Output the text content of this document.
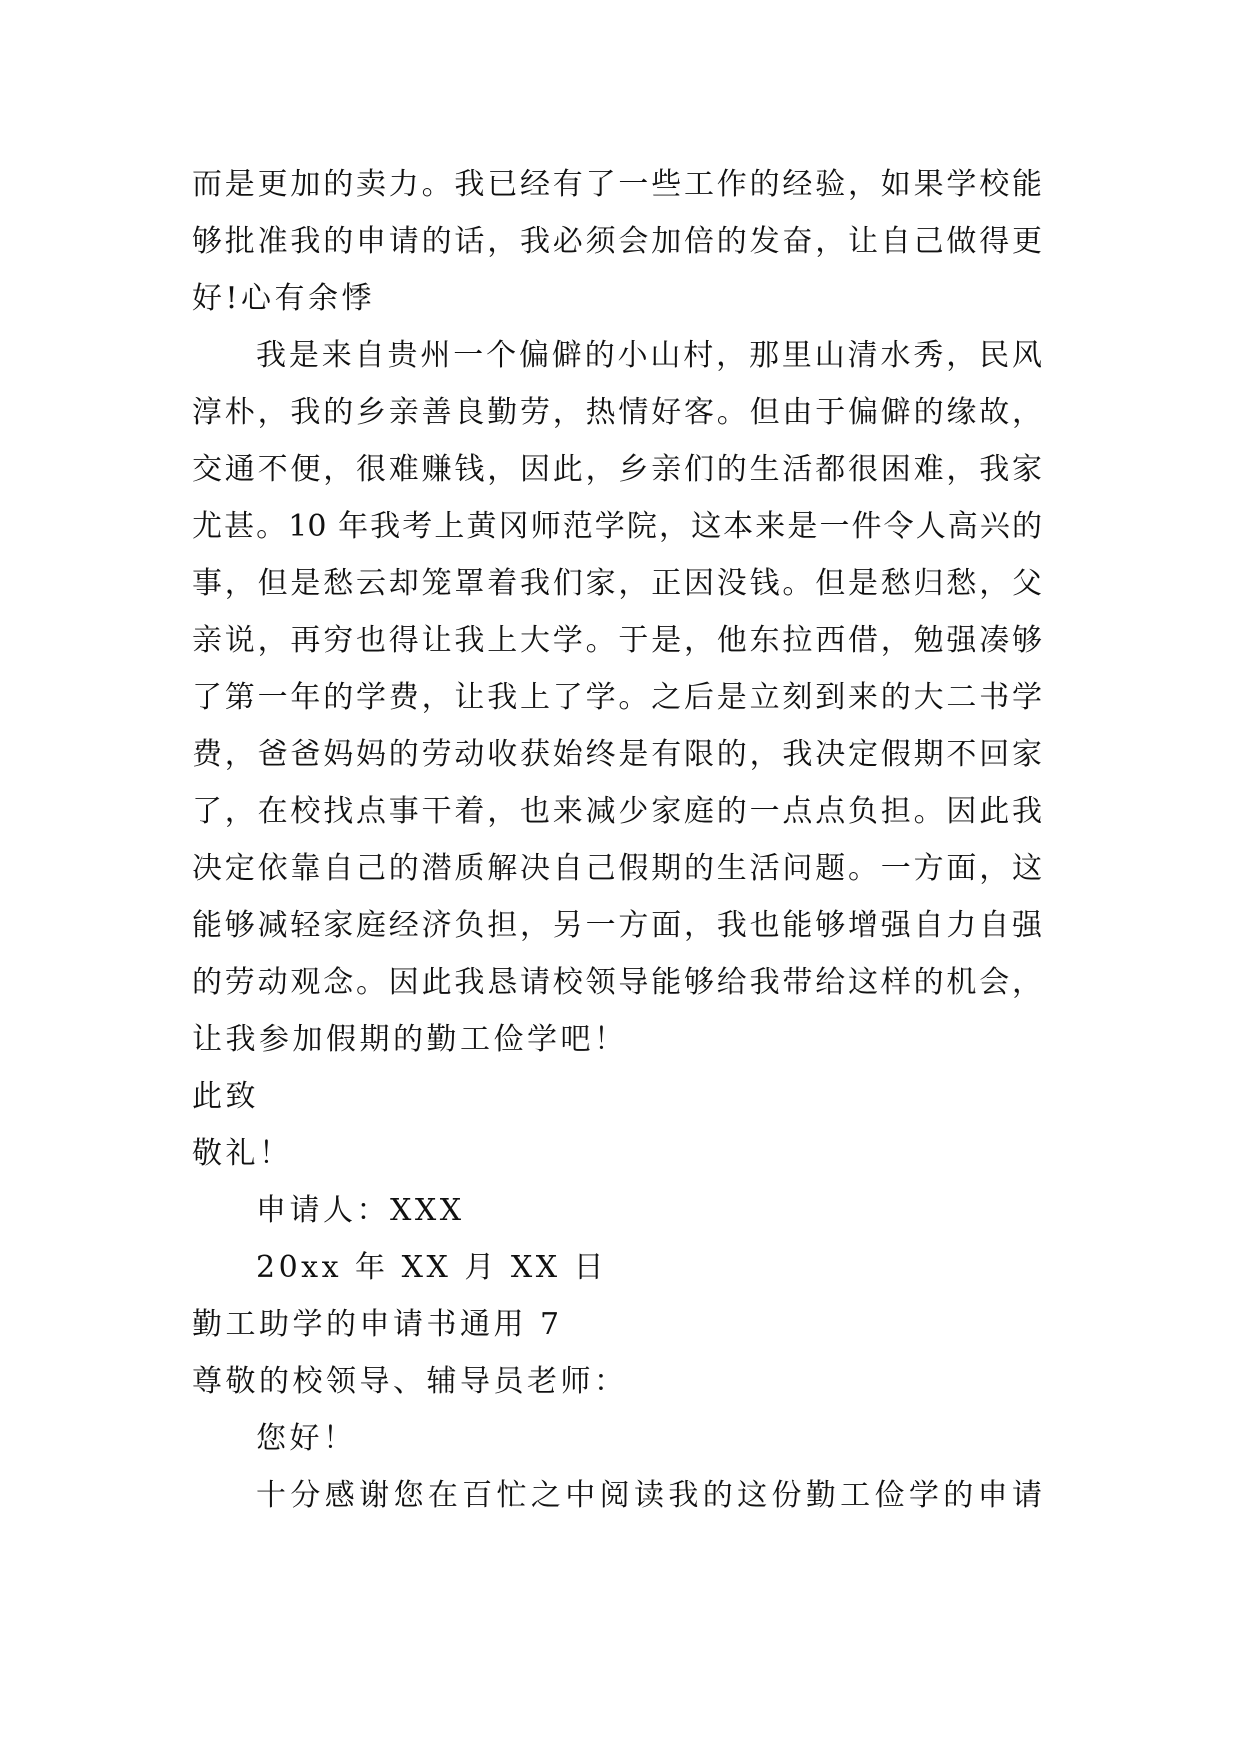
而是更加的卖力。我已经有了一些工作的经验，如果学校能
够批准我的申请的话，我必须会加倍的发奋，让自己做得更
好!心有余悸
我是来自贵州一个偏僻的小山村，那里山清水秀，民风
淳朴，我的乡亲善良勤劳，热情好客。但由于偏僻的缘故，
交通不便，很难赚钱，因此，乡亲们的生活都很困难，我家
尤甚。10 年我考上黄冈师范学院，这本来是一件令人高兴的
事，但是愁云却笼罩着我们家，正因没钱。但是愁归愁，父
亲说，再穷也得让我上大学。于是，他东拉西借，勉强凑够
了第一年的学费，让我上了学。之后是立刻到来的大二书学
费，爸爸妈妈的劳动收获始终是有限的，我决定假期不回家
了，在校找点事干着，也来减少家庭的一点点负担。因此我
决定依靠自己的潜质解决自己假期的生活问题。一方面，这
能够减轻家庭经济负担，另一方面，我也能够增强自力自强
的劳动观念。因此我恳请校领导能够给我带给这样的机会，
让我参加假期的勤工俭学吧！
此致
敬礼！
申请人：XXX
20xx 年 XX 月 XX 日
勤工助学的申请书通用 7
尊敬的校领导、辅导员老师：
您好！
十分感谢您在百忙之中阅读我的这份勤工俭学的申请
